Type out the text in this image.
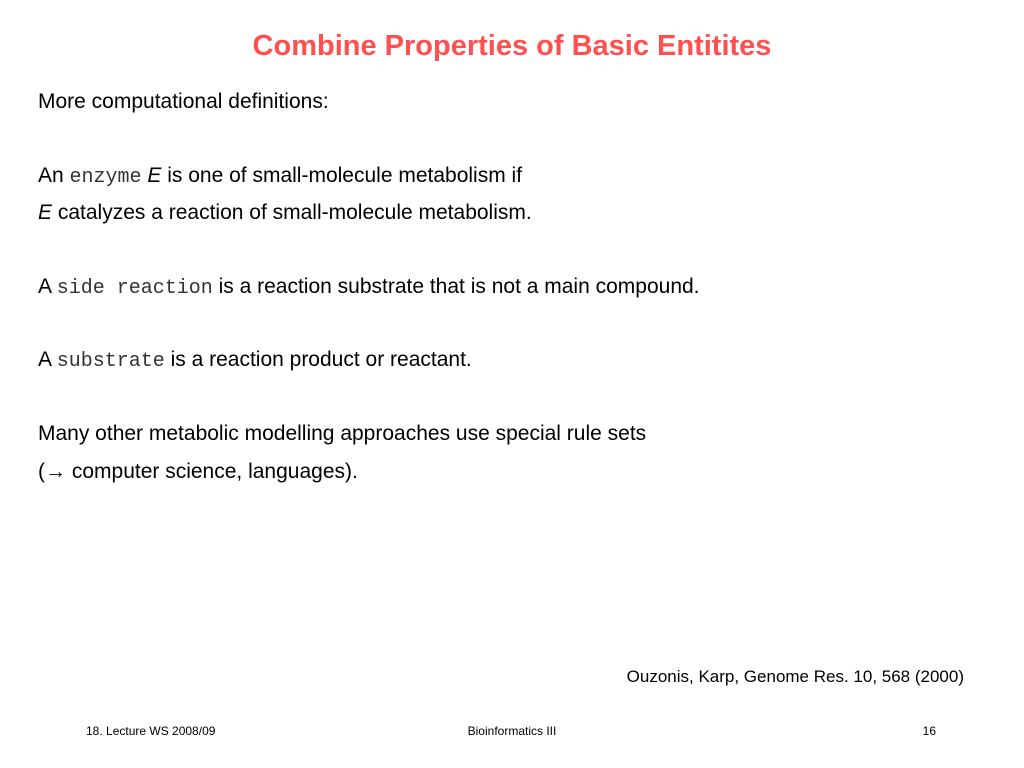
Combine Properties of Basic Entitites
More computational definitions:
An enzyme E is one of small-molecule metabolism if
E catalyzes a reaction of small-molecule metabolism.
A side reaction is a reaction substrate that is not a main compound.
A substrate is a reaction product or reactant.
Many other metabolic modelling approaches use special rule sets
(→ computer science, languages).
Ouzonis, Karp, Genome Res. 10, 568 (2000)
18. Lecture WS 2008/09	Bioinformatics III	16
